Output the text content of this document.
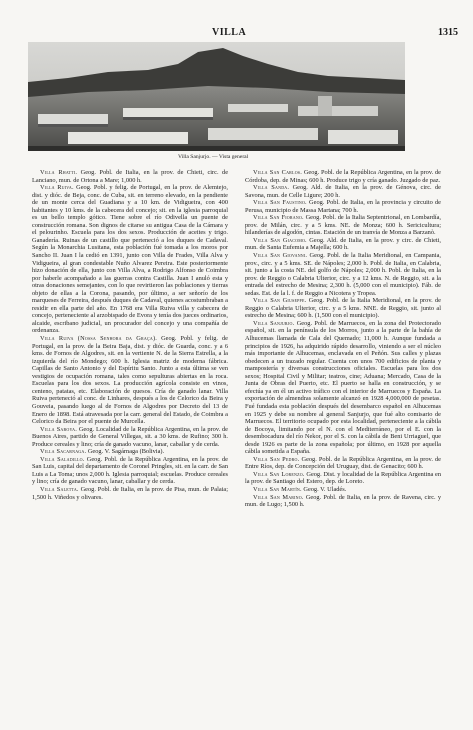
VILLA	1315
Villa Sanjurjo. — Vista general

Villa Rhatti. Geog. Pobl. de Italia, en la prov. de Chieti, circ. de Lanciano, mun. de Ortona a Mare; 1,000 h.

Villa Ruiva. Geog. Pobl. y felig. de Portugal, en la prov. de Alemtejo, dist. y dióc. de Beja, conc. de Cuba, sit. en terreno elevado, en la pendiente de un monte cerca del Guadiana y a 10 km. de Vidigueira, con 400 habitantes y 10 kms. de la cabecera del concejo; sit. en la iglesia parroquial es un bello templo gótico. Tiene sobre el río Odivella un puente de construcción romana. Son dignos de citarse su antigua Casa de la Cámara y el pelourinho. Escuela para los dos sexos. Producción de aceites y trigo. Ganadería. Ruinas de un castillo que perteneció a los duques de Cadaval. Según la Monarchia Lusitana, esta población fué tomada a los moros por Sancho II. Juan I la cedió en 1391, junto con Villa de Frades, Villa Alva y Vidigueira, al gran condestable Nuño Alvarez Pereira. Este posteriormente hizo donación de ella, junto con Villa Alva, a Rodrigo Alfonso de Coimbra por haberle acompañado a las guerras contra Castilla. Juan I anuló esta y otras donaciones semejantes, con lo que revirtieron las poblaciones y tierras objeto de ellas a la Corona, pasando, por último, a ser señorío de los marqueses de Ferreira, después duques de Cadaval, quienes acostumbraban a residir en ella parte del año. En 1768 era Villa Ruiva villa y cabecera de concejo, perteneciente al arzobispado de Evora y tenía dos jueces ordinarios, alcaide, escribano judicial, un procurador del concejo y una compañía de ordenanza.

Villa Ruiva (Nossa Senhora da Graça). Geog. Pobl. y felig. de Portugal, en la prov. de la Beira Baja, dist. y dióc. de Guarda, conc. y a 6 kms. de Fornos de Algodres, sit. en la vertiente N. de la Sierra Estrella, a la izquierda del río Mondego; 600 h. Iglesia matriz de moderna fábrica. Capillas de Santo Antonio y del Espíritu Santo. Junto a esta última se ven vestigios de ocupación romana, tales como sepulturas abiertas en la roca. Escuelas para los dos sexos. La producción agrícola consiste en vinos, centeno, patatas, etc. Elaboración de quesos. Cría de ganado lanar. Villa Ruiva perteneció al conc. de Linhares, después a los de Celorico da Beira y Gouveia, pasando luego al de Fornos de Algodres por Decreto del 13 de Enero de 1898. Está atravesada por la carr. general del Estado, de Coimbra a Celorico da Beira por el puente de Murcella.

Villa Saboya. Geog. Localidad de la República Argentina, en la prov. de Buenos Aires, partido de General Villegas, sit. a 30 kms. de Rufino; 300 h. Produce cereales y lino; cría de ganado vacuno, lanar, caballar y de cerda.

Villa Sacarnaga. Geog. V. Sagárnaga (Bolivia).

Villa Saladillo. Geog. Pobl. de la República Argentina, en la prov. de San Luis, capital del departamento de Coronel Pringles, sit. en la carr. de San Luis a La Toma; unos 2,000 h. Iglesia parroquial; escuelas. Produce cereales y lino; cría de ganado vacuno, lanar, caballar y de cerda.

Villa Saletta. Geog. Pobl. de Italia, en la prov. de Pisa, mun. de Palaia; 1,500 h. Viñedos y olivares.

Villa San Carlos. Geog. Pobl. de la República Argentina, en la prov. de Córdoba, dep. de Minas; 600 h. Produce trigo y cría ganado. Juzgado de paz.

Villa Sanda. Geog. Ald. de Italia, en la prov. de Génova, circ. de Savona, mun. de Celle Ligure; 200 h.

Villa San Faustino. Geog. Pobl. de Italia, en la provincia y circuito de Perusa, municipio de Massa Martana; 700 h.

Villa San Fiorano. Geog. Pobl. de la Italia Septentrional, en Lombardía, prov. de Milán, circ. y a 5 kms. NE. de Monza; 600 h. Sericicultura; hilanderías de algodón, cintas. Estación de un tranvía de Monza a Barzanò.

Villa San Giacomo. Geog. Ald. de Italia, en la prov. y circ. de Chieti, mun. de Santa Eufemia a Majella; 600 h.

Villa San Giovanni. Geog. Pobl. de la Italia Meridional, en Campania, prov., circ. y a 5 kms. SE. de Nápoles; 2,000 h. Pobl. de Italia, en Calabria, sit. junto a la costa NE. del golfo de Nápoles; 2,000 h. Pobl. de Italia, en la prov. de Reggio o Calabria Ulterior, circ. y a 12 kms. N. de Reggio, sit. a la entrada del estrecho de Mesina; 2,300 h. (5,000 con el municipio). Fáb. de sedas. Est. de la l. f. de Reggio a Nicotera y Tropea.

Villa San Giuseppe. Geog. Pobl. de la Italia Meridional, en la prov. de Reggio o Calabria Ulterior, circ. y a 5 kms. NNE. de Reggio, sit. junto al estrecho de Mesina; 600 h. (1,500 con el municipio).

Villa Sanjurjo. Geog. Pobl. de Marruecos, en la zona del Protectorado español, sit. en la península de los Morros, junto a la parte de la bahía de Alhucemas llamada de Cala del Quemado; 11,000 h. Aunque fundada a principios de 1926, ha adquirido rápido desarrollo, viniendo a ser el núcleo más importante de Alhucemas, enclavada en el Peñón. Sus calles y plazas obedecen a un trazado regular. Cuenta con unos 700 edificios de planta y mampostería y diversas construcciones oficiales. Escuelas para los dos sexos; Hospital Civil y Militar; teatros, cine; Aduana; Mercado, Casa de la Junta de Obras del Puerto, etc. El puerto se halla en construcción, y se efectúa ya en él un activo tráfico con el interior de Marruecos y España. La exportación de almendras solamente alcanzó en 1928 4,000,000 de pesetas. Fué fundada esta población después del desembarco español en Alhucemas en 1925 y debe su nombre al general Sanjurjo, que fué alto comisario de Marruecos. El territorio ocupado por esta localidad, perteneciente a la cábila de Bocoya, limitando por el N. con el Mediterráneo, por el E. con la desembocadura del río Nekor, por el S. con la cábila de Beni Urriaguel, que desde 1926 es parte de la zona española; por último, en 1928 por aquella cábila sometida a España.

Villa San Pedro. Geog. Pobl. de la República Argentina, en la prov. de Entre Ríos, dep. de Concepción del Uruguay, dist. de Genacito; 600 h.

Villa San Lorenzo. Geog. Dist. y localidad de la República Argentina en la prov. de Santiago del Estero, dep. de Loreto.

Villa San Martín. Geog. V. Uladés.

Villa San Marino. Geog. Pobl. de Italia, en la prov. de Ravena, circ. y mun. de Lugo; 1,500 h.
